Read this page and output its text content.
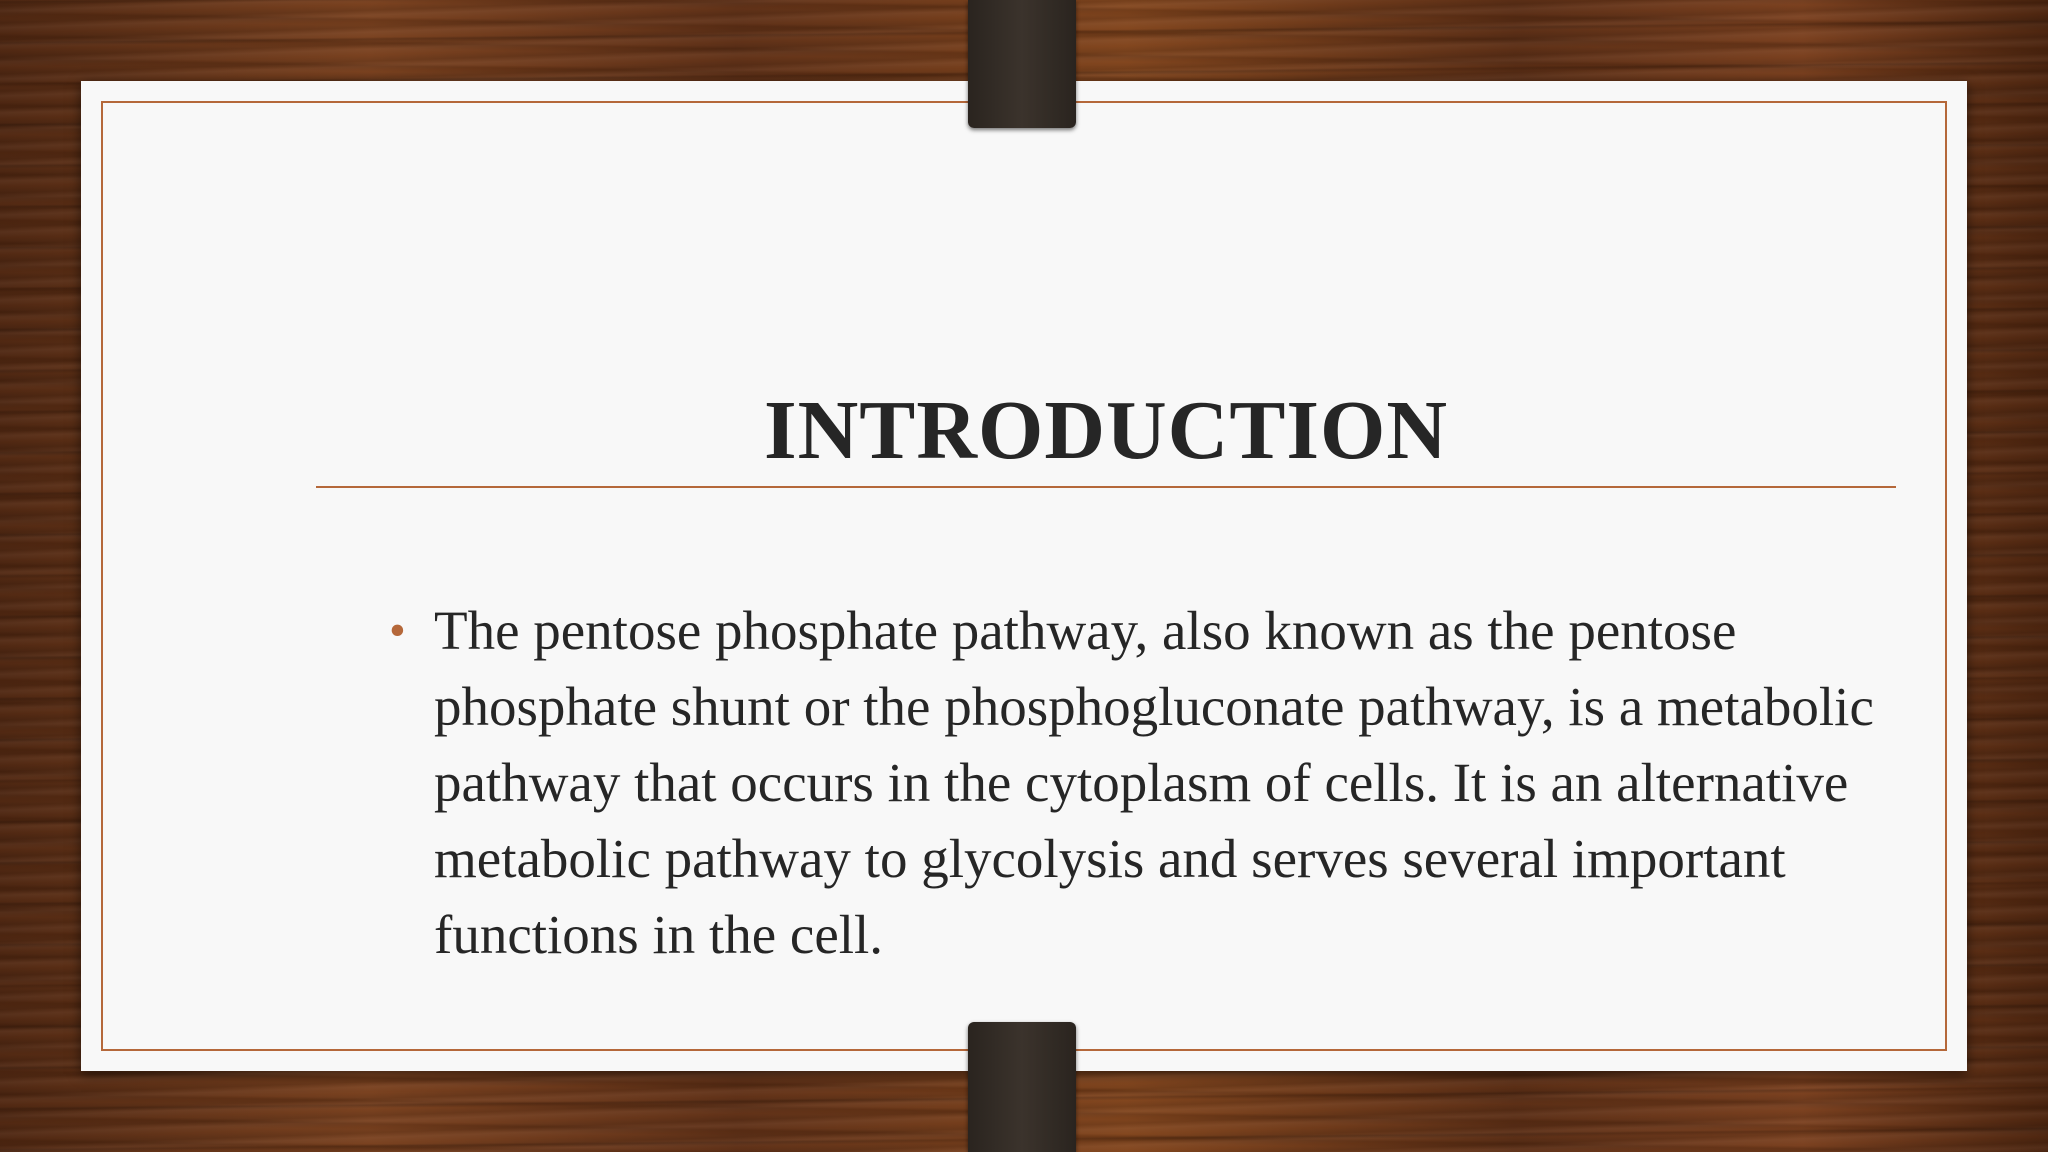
INTRODUCTION
• The pentose phosphate pathway, also known as the pentose phosphate shunt or the phosphogluconate pathway, is a metabolic pathway that occurs in the cytoplasm of cells. It is an alternative metabolic pathway to glycolysis and serves several important functions in the cell.
